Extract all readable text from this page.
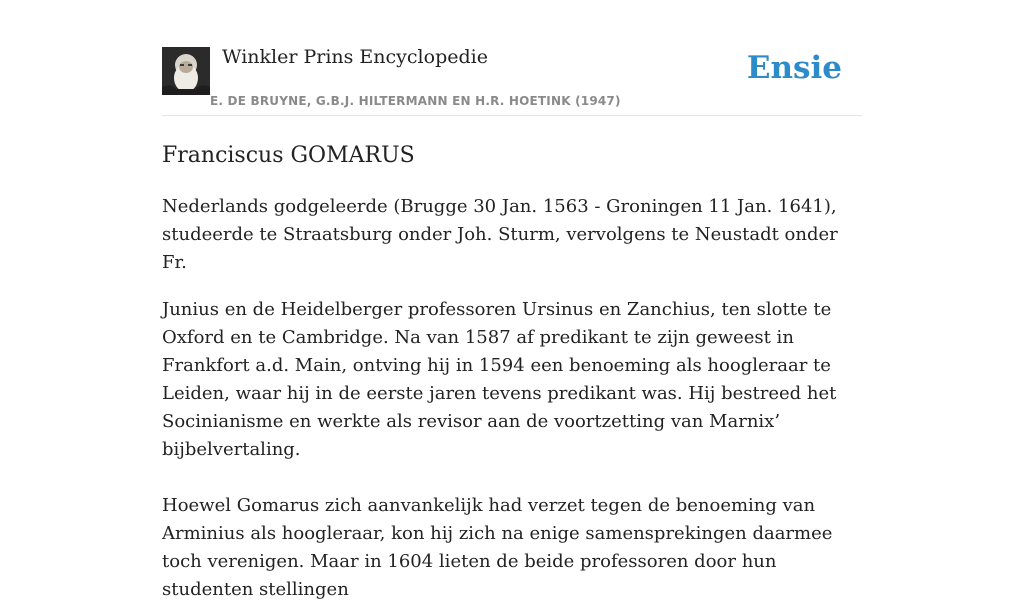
Winkler Prins Encyclopedie
E. DE BRUYNE, G.B.J. HILTERMANN EN H.R. HOETINK (1947)
Ensie
Franciscus GOMARUS

Nederlands godgeleerde (Brugge 30 Jan. 1563 - Groningen 11 Jan. 1641), studeerde te Straatsburg onder Joh. Sturm, vervolgens te Neustadt onder Fr.

Junius en de Heidelberger professoren Ursinus en Zanchius, ten slotte te Oxford en te Cambridge. Na van 1587 af predikant te zijn geweest in Frankfort a.d. Main, ontving hij in 1594 een benoeming als hoogleraar te Leiden, waar hij in de eerste jaren tevens predikant was. Hij bestreed het Socinianisme en werkte als revisor aan de voortzetting van Marnix’ bijbelvertaling.

Hoewel Gomarus zich aanvankelijk had verzet tegen de benoeming van Arminius als hoogleraar, kon hij zich na enige samensprekingen daarmee toch verenigen. Maar in 1604 lieten de beide professoren door hun studenten stellingen
